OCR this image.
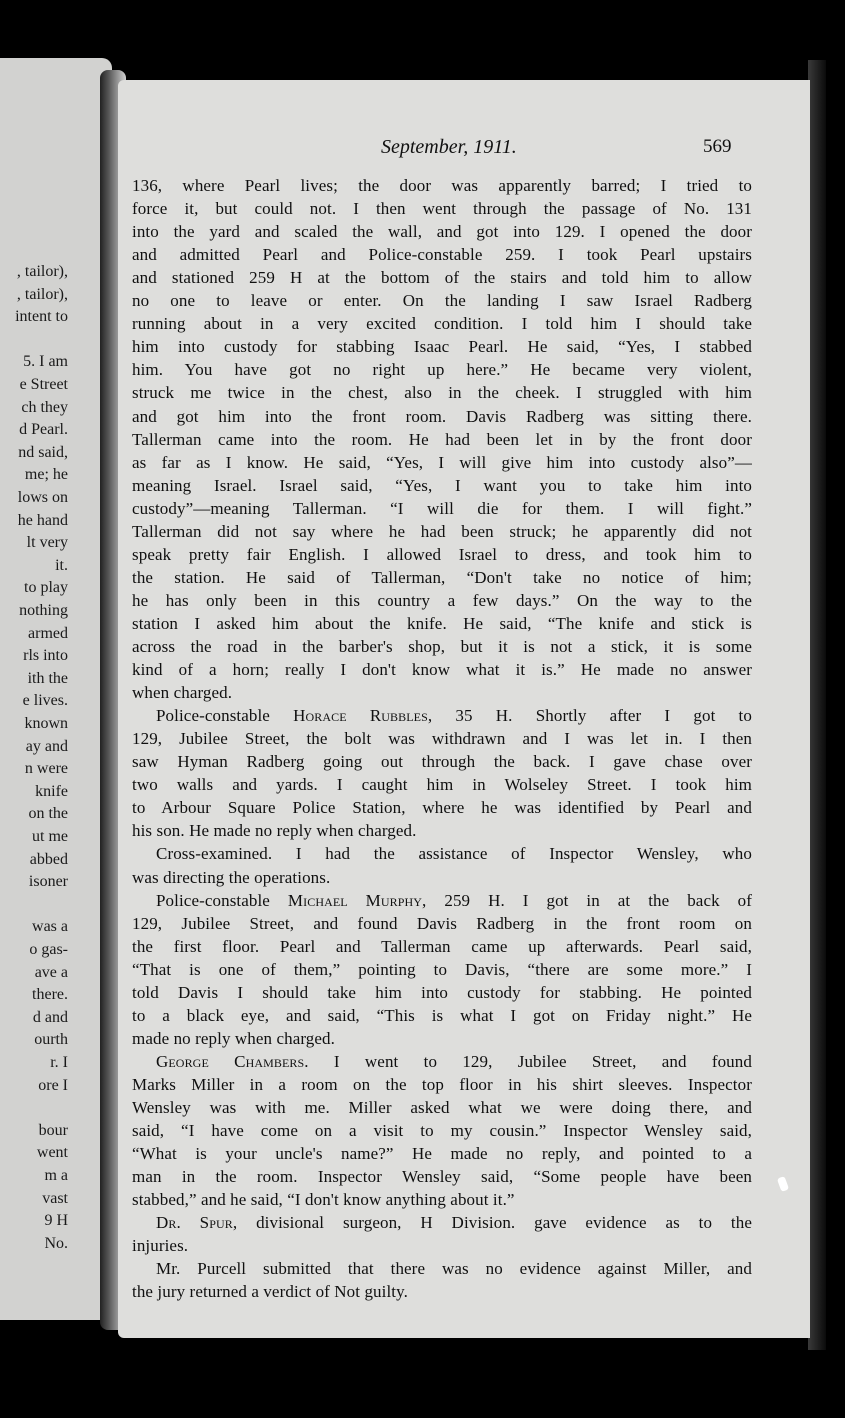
, tailor),
, tailor),
intent to
5. I am
e Street
ch they
d Pearl.
nd said,
me; he
lows on
he hand
lt very
it.
to play
nothing
armed
rls into
ith the
e lives.
known
ay and
n were
knife
on the
ut me
abbed
isoner
was a
o gas-
ave a
there.
d and
ourth
r. I
ore I
bour
went
m a
vast
9 H
No.
September, 1911.	569
136, where Pearl lives; the door was apparently barred; I tried to
force it, but could not. I then went through the passage of No. 131
into the yard and scaled the wall, and got into 129. I opened the door
and admitted Pearl and Police-constable 259. I took Pearl upstairs
and stationed 259 H at the bottom of the stairs and told him to allow
no one to leave or enter. On the landing I saw Israel Radberg
running about in a very excited condition. I told him I should take
him into custody for stabbing Isaac Pearl. He said, “Yes, I stabbed
him. You have got no right up here.” He became very violent,
struck me twice in the chest, also in the cheek. I struggled with him
and got him into the front room. Davis Radberg was sitting there.
Tallerman came into the room. He had been let in by the front door
as far as I know. He said, “Yes, I will give him into custody also”—
meaning Israel. Israel said, “Yes, I want you to take him into
custody”—meaning Tallerman. “I will die for them. I will fight.”
Tallerman did not say where he had been struck; he apparently did not
speak pretty fair English. I allowed Israel to dress, and took him to
the station. He said of Tallerman, “Don't take no notice of him;
he has only been in this country a few days.” On the way to the
station I asked him about the knife. He said, “The knife and stick is
across the road in the barber's shop, but it is not a stick, it is some
kind of a horn; really I don't know what it is.” He made no answer
when charged.
Police-constable Horace Rubbles, 35 H. Shortly after I got to
129, Jubilee Street, the bolt was withdrawn and I was let in. I then
saw Hyman Radberg going out through the back. I gave chase over
two walls and yards. I caught him in Wolseley Street. I took him
to Arbour Square Police Station, where he was identified by Pearl and
his son. He made no reply when charged.
Cross-examined. I had the assistance of Inspector Wensley, who
was directing the operations.
Police-constable Michael Murphy, 259 H. I got in at the back of
129, Jubilee Street, and found Davis Radberg in the front room on
the first floor. Pearl and Tallerman came up afterwards. Pearl said,
“That is one of them,” pointing to Davis, “there are some more.” I
told Davis I should take him into custody for stabbing. He pointed
to a black eye, and said, “This is what I got on Friday night.” He
made no reply when charged.
George Chambers. I went to 129, Jubilee Street, and found
Marks Miller in a room on the top floor in his shirt sleeves. Inspector
Wensley was with me. Miller asked what we were doing there, and
said, “I have come on a visit to my cousin.” Inspector Wensley said,
“What is your uncle's name?” He made no reply, and pointed to a
man in the room. Inspector Wensley said, “Some people have been
stabbed,” and he said, “I don't know anything about it.”
Dr. Spur, divisional surgeon, H Division. gave evidence as to the
injuries.
Mr. Purcell submitted that there was no evidence against Miller, and
the jury returned a verdict of Not guilty.
